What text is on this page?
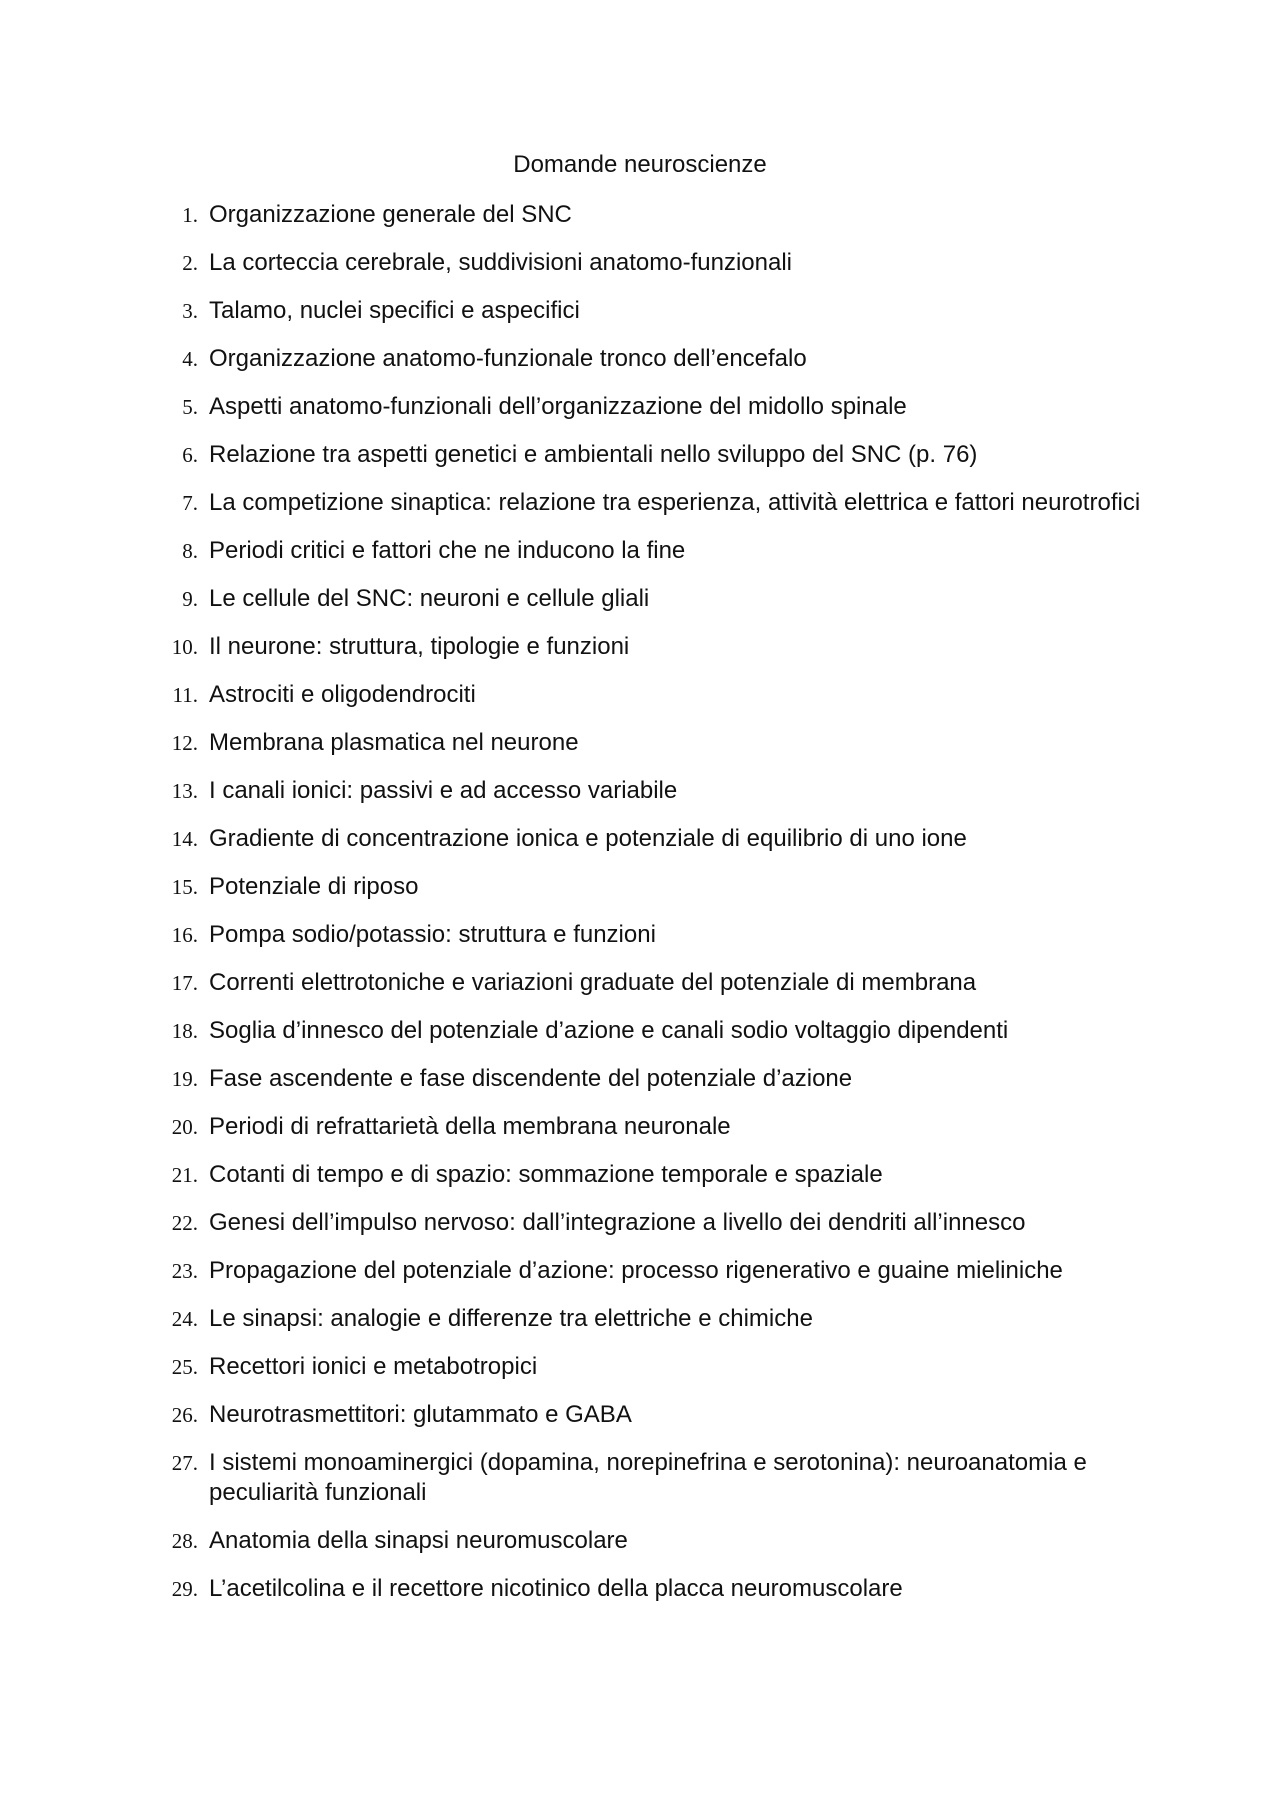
Domande neuroscienze
1. Organizzazione generale del SNC
2. La corteccia cerebrale, suddivisioni anatomo-funzionali
3. Talamo, nuclei specifici e aspecifici
4. Organizzazione anatomo-funzionale tronco dell’encefalo
5. Aspetti anatomo-funzionali dell’organizzazione del midollo spinale
6. Relazione tra aspetti genetici e ambientali nello sviluppo del SNC (p. 76)
7. La competizione sinaptica: relazione tra esperienza, attività elettrica e fattori neurotrofici
8. Periodi critici e fattori che ne inducono la fine
9. Le cellule del SNC: neuroni e cellule gliali
10. Il neurone: struttura, tipologie e funzioni
11. Astrociti e oligodendrociti
12. Membrana plasmatica nel neurone
13. I canali ionici: passivi e ad accesso variabile
14. Gradiente di concentrazione ionica e potenziale di equilibrio di uno ione
15. Potenziale di riposo
16. Pompa sodio/potassio: struttura e funzioni
17. Correnti elettrotoniche e variazioni graduate del potenziale di membrana
18. Soglia d’innesco del potenziale d’azione e canali sodio voltaggio dipendenti
19. Fase ascendente e fase discendente del potenziale d’azione
20. Periodi di refrattarietà della membrana neuronale
21. Cotanti di tempo e di spazio: sommazione temporale e spaziale
22. Genesi dell’impulso nervoso: dall’integrazione a livello dei dendriti all’innesco
23. Propagazione del potenziale d’azione: processo rigenerativo e guaine mieliniche
24. Le sinapsi: analogie e differenze tra elettriche e chimiche
25. Recettori ionici e metabotropici
26. Neurotrasmettitori: glutammato e GABA
27. I sistemi monoaminergici (dopamina, norepinefrina e serotonina): neuroanatomia e peculiarità funzionali
28. Anatomia della sinapsi neuromuscolare
29. L’acetilcolina e il recettore nicotinico della placca neuromuscolare
